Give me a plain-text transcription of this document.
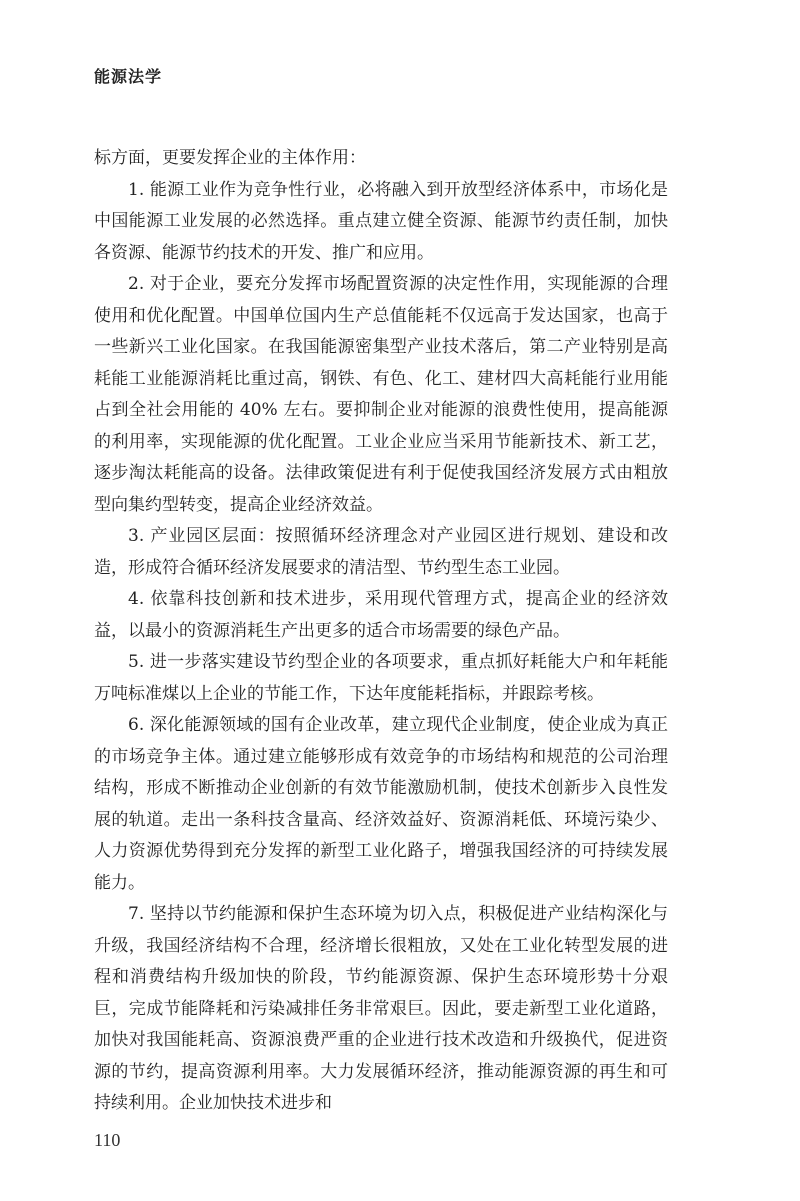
能源法学

标方面，更要发挥企业的主体作用：

1. 能源工业作为竞争性行业，必将融入到开放型经济体系中，市场化是中国能源工业发展的必然选择。重点建立健全资源、能源节约责任制，加快各资源、能源节约技术的开发、推广和应用。

2. 对于企业，要充分发挥市场配置资源的决定性作用，实现能源的合理使用和优化配置。中国单位国内生产总值能耗不仅远高于发达国家，也高于一些新兴工业化国家。在我国能源密集型产业技术落后，第二产业特别是高耗能工业能源消耗比重过高，钢铁、有色、化工、建材四大高耗能行业用能占到全社会用能的 40% 左右。要抑制企业对能源的浪费性使用，提高能源的利用率，实现能源的优化配置。工业企业应当采用节能新技术、新工艺，逐步淘汰耗能高的设备。法律政策促进有利于促使我国经济发展方式由粗放型向集约型转变，提高企业经济效益。

3. 产业园区层面：按照循环经济理念对产业园区进行规划、建设和改造，形成符合循环经济发展要求的清洁型、节约型生态工业园。

4. 依靠科技创新和技术进步，采用现代管理方式，提高企业的经济效益，以最小的资源消耗生产出更多的适合市场需要的绿色产品。

5. 进一步落实建设节约型企业的各项要求，重点抓好耗能大户和年耗能万吨标准煤以上企业的节能工作，下达年度能耗指标，并跟踪考核。

6. 深化能源领域的国有企业改革，建立现代企业制度，使企业成为真正的市场竞争主体。通过建立能够形成有效竞争的市场结构和规范的公司治理结构，形成不断推动企业创新的有效节能激励机制，使技术创新步入良性发展的轨道。走出一条科技含量高、经济效益好、资源消耗低、环境污染少、人力资源优势得到充分发挥的新型工业化路子，增强我国经济的可持续发展能力。

7. 坚持以节约能源和保护生态环境为切入点，积极促进产业结构深化与升级，我国经济结构不合理，经济增长很粗放，又处在工业化转型发展的进程和消费结构升级加快的阶段，节约能源资源、保护生态环境形势十分艰巨，完成节能降耗和污染减排任务非常艰巨。因此，要走新型工业化道路，加快对我国能耗高、资源浪费严重的企业进行技术改造和升级换代，促进资源的节约，提高资源利用率。大力发展循环经济，推动能源资源的再生和可持续利用。企业加快技术进步和

110
